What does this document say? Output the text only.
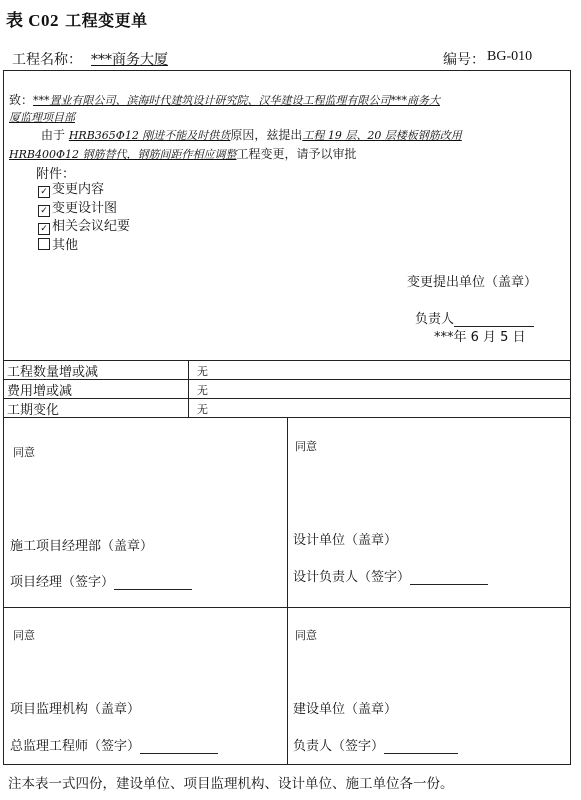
表 C02 工程变更单
工程名称： ***商务大厦	编号： BG-010
致：***置业有限公司、滨海时代建筑设计研究院、汉华建设工程监理有限公司***商务大
厦监理项目部
由于 HRB365Φ12 刚进不能及时供货原因，兹提出工程 19 层、20 层楼板钢筋改用
HRB400Φ12 钢筋替代，钢筋间距作相应调整工程变更，请予以审批
附件：
✓ 变更内容
✓ 变更设计图
✓ 相关会议纪要
其他
变更提出单位（盖章）
负责人
***年 6 月 5 日
工程数量增或减	无
费用增或减	无
工期变化	无
同意
施工项目经理部（盖章）
项目经理（签字）
同意
设计单位（盖章）
设计负责人（签字）
同意
项目监理机构（盖章）
总监理工程师（签字）
同意
建设单位（盖章）
负责人（签字）
注本表一式四份，建设单位、项目监理机构、设计单位、施工单位各一份。
